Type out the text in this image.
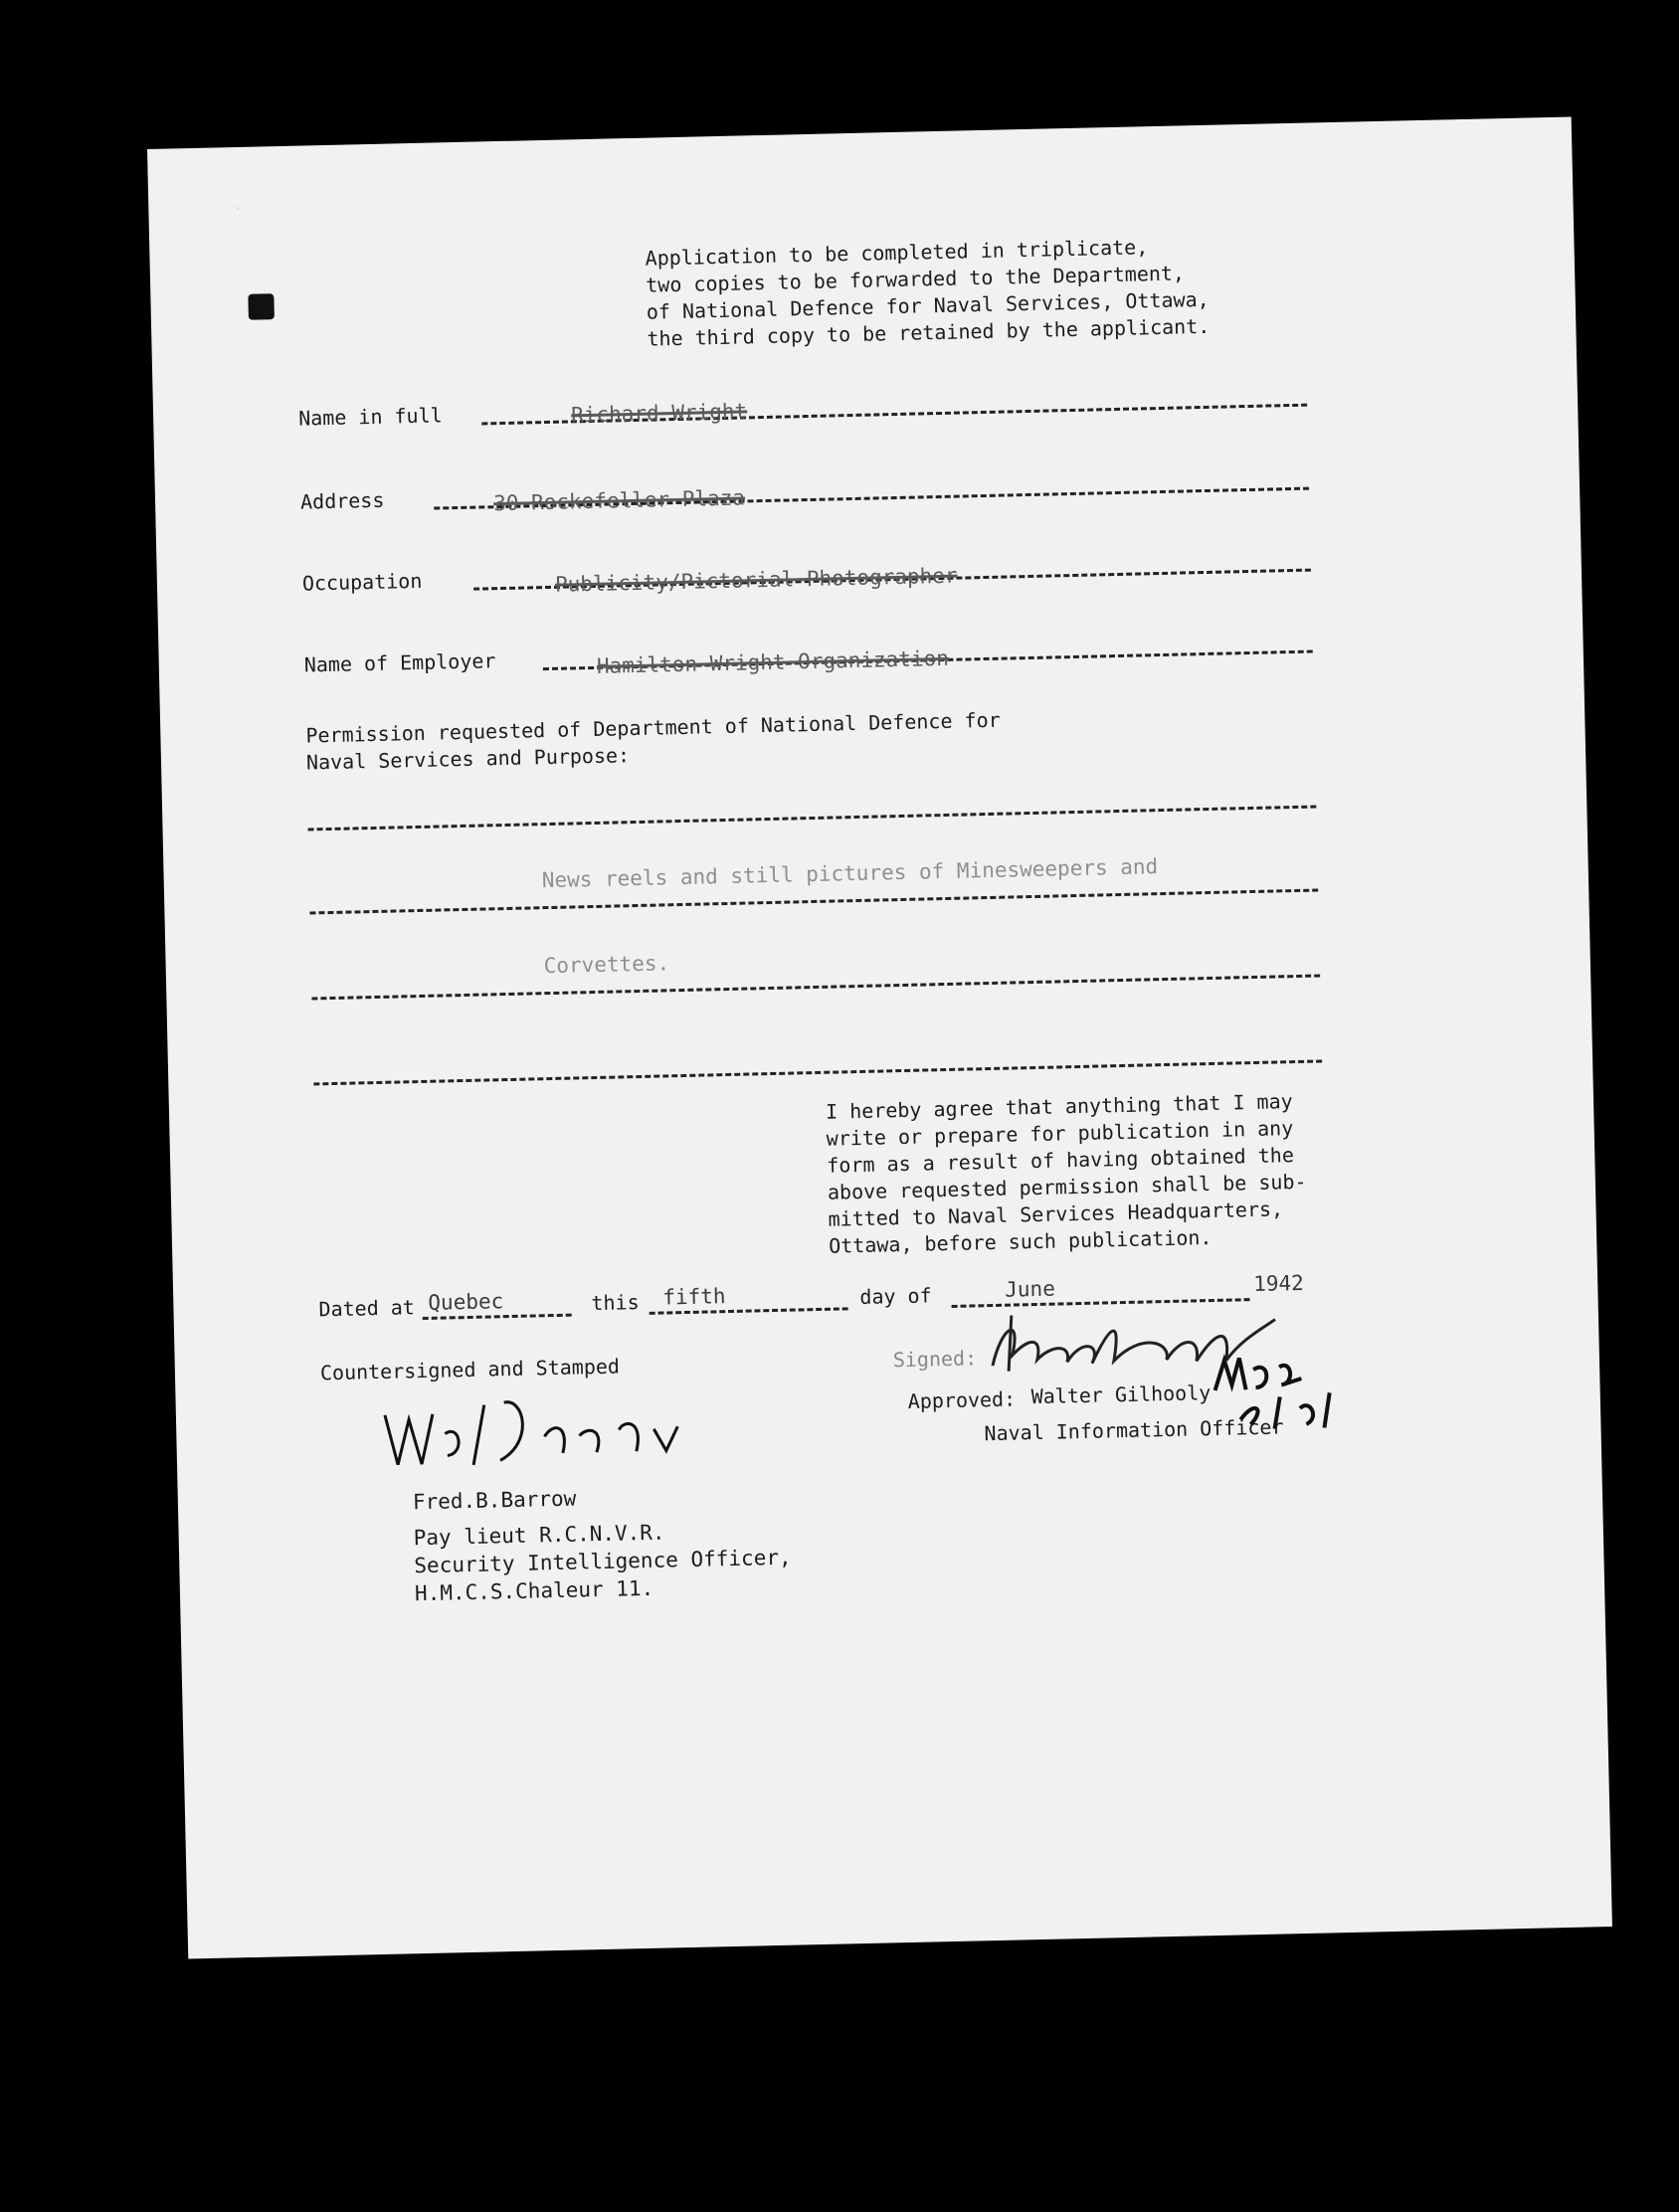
Application to be completed in triplicate,
two copies to be forwarded to the Department,
of National Defence for Naval Services, Ottawa,
the third copy to be retained by the applicant.
Name in full	Richard Wright
Address	30 Rockefeller Plaza
Occupation	Publicity/Pictorial Photographer
Name of Employer	Hamilton Wright Organization
Permission requested of Department of National Defence for
Naval Services and Purpose:
News reels and still pictures of Minesweepers and
Corvettes.
I hereby agree that anything that I may
write or prepare for publication in any
form as a result of having obtained the
above requested permission shall be sub-
mitted to Naval Services Headquarters,
Ottawa, before such publication.
Dated at Quebec	this fifth	day of	June	1942
Signed:
Countersigned and Stamped
Approved: Walter Gilhooly
Naval Information Officer
Fred.B.Barrow
Pay lieut R.C.N.V.R.
Security Intelligence Officer,
H.M.C.S.Chaleur 11.
